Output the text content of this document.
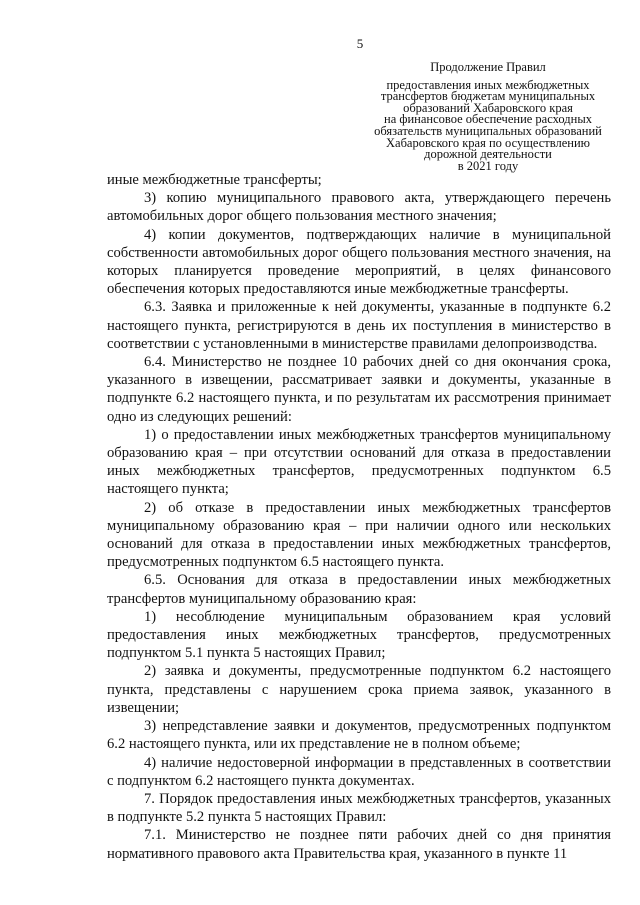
5
Продолжение Правил
предоставления иных межбюджетных
трансфертов бюджетам муниципальных
образований Хабаровского края
на финансовое обеспечение расходных
обязательств муниципальных образований
Хабаровского края по осуществлению
дорожной деятельности
в 2021 году

иные межбюджетные трансферты;

3) копию муниципального правового акта, утверждающего перечень автомобильных дорог общего пользования местного значения;

4) копии документов, подтверждающих наличие в муниципальной собственности автомобильных дорог общего пользования местного значения, на которых планируется проведение мероприятий, в целях финансового обеспечения которых предоставляются иные межбюджетные трансферты.

6.3. Заявка и приложенные к ней документы, указанные в подпункте 6.2 настоящего пункта, регистрируются в день их поступления в министерство в соответствии с установленными в министерстве правилами делопроизводства.

6.4. Министерство не позднее 10 рабочих дней со дня окончания срока, указанного в извещении, рассматривает заявки и документы, указанные в подпункте 6.2 настоящего пункта, и по результатам их рассмотрения принимает одно из следующих решений:

1) о предоставлении иных межбюджетных трансфертов муниципальному образованию края – при отсутствии оснований для отказа в предоставлении иных межбюджетных трансфертов, предусмотренных подпунктом 6.5 настоящего пункта;

2) об отказе в предоставлении иных межбюджетных трансфертов муниципальному образованию края – при наличии одного или нескольких оснований для отказа в предоставлении иных межбюджетных трансфертов, предусмотренных подпунктом 6.5 настоящего пункта.

6.5. Основания для отказа в предоставлении иных межбюджетных трансфертов муниципальному образованию края:

1) несоблюдение муниципальным образованием края условий предоставления иных межбюджетных трансфертов, предусмотренных подпунктом 5.1 пункта 5 настоящих Правил;

2) заявка и документы, предусмотренные подпунктом 6.2 настоящего пункта, представлены с нарушением срока приема заявок, указанного в извещении;

3) непредставление заявки и документов, предусмотренных подпунктом 6.2 настоящего пункта, или их представление не в полном объеме;

4) наличие недостоверной информации в представленных в соответствии с подпунктом 6.2 настоящего пункта документах.

7. Порядок предоставления иных межбюджетных трансфертов, указанных в подпункте 5.2 пункта 5 настоящих Правил:

7.1. Министерство не позднее пяти рабочих дней со дня принятия нормативного правового акта Правительства края, указанного в пункте 11
